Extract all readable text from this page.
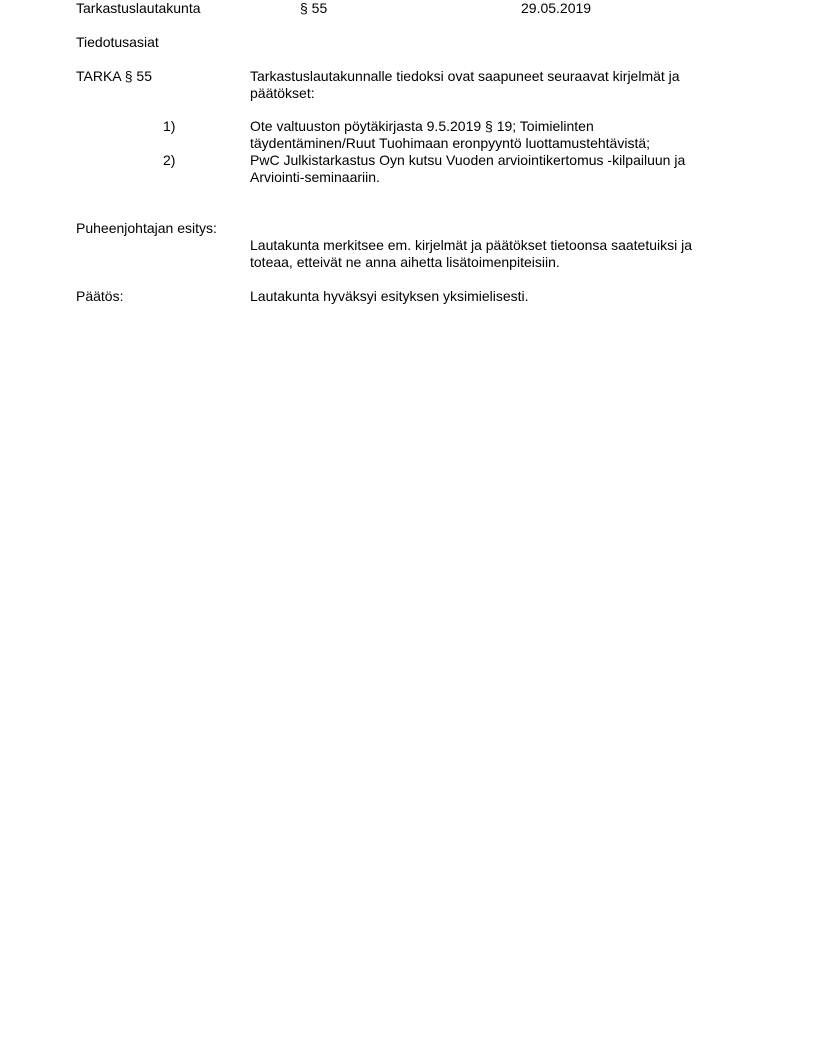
Tarkastuslautakunta	§ 55	29.05.2019
Tiedotusasiat
TARKA § 55	Tarkastuslautakunnalle tiedoksi ovat saapuneet seuraavat kirjelmät ja
päätökset:
1)	Ote valtuuston pöytäkirjasta 9.5.2019 § 19; Toimielinten
täydentäminen/Ruut Tuohimaan eronpyyntö luottamustehtävistä;
2)	PwC Julkistarkastus Oyn kutsu Vuoden arviointikertomus -kilpailuun ja
Arviointi-seminaariin.
Puheenjohtajan esitys:
Lautakunta merkitsee em. kirjelmät ja päätökset tietoonsa saatetuiksi ja
toteaa, etteivät ne anna aihetta lisätoimenpiteisiin.
Päätös:	Lautakunta hyväksyi esityksen yksimielisesti.
